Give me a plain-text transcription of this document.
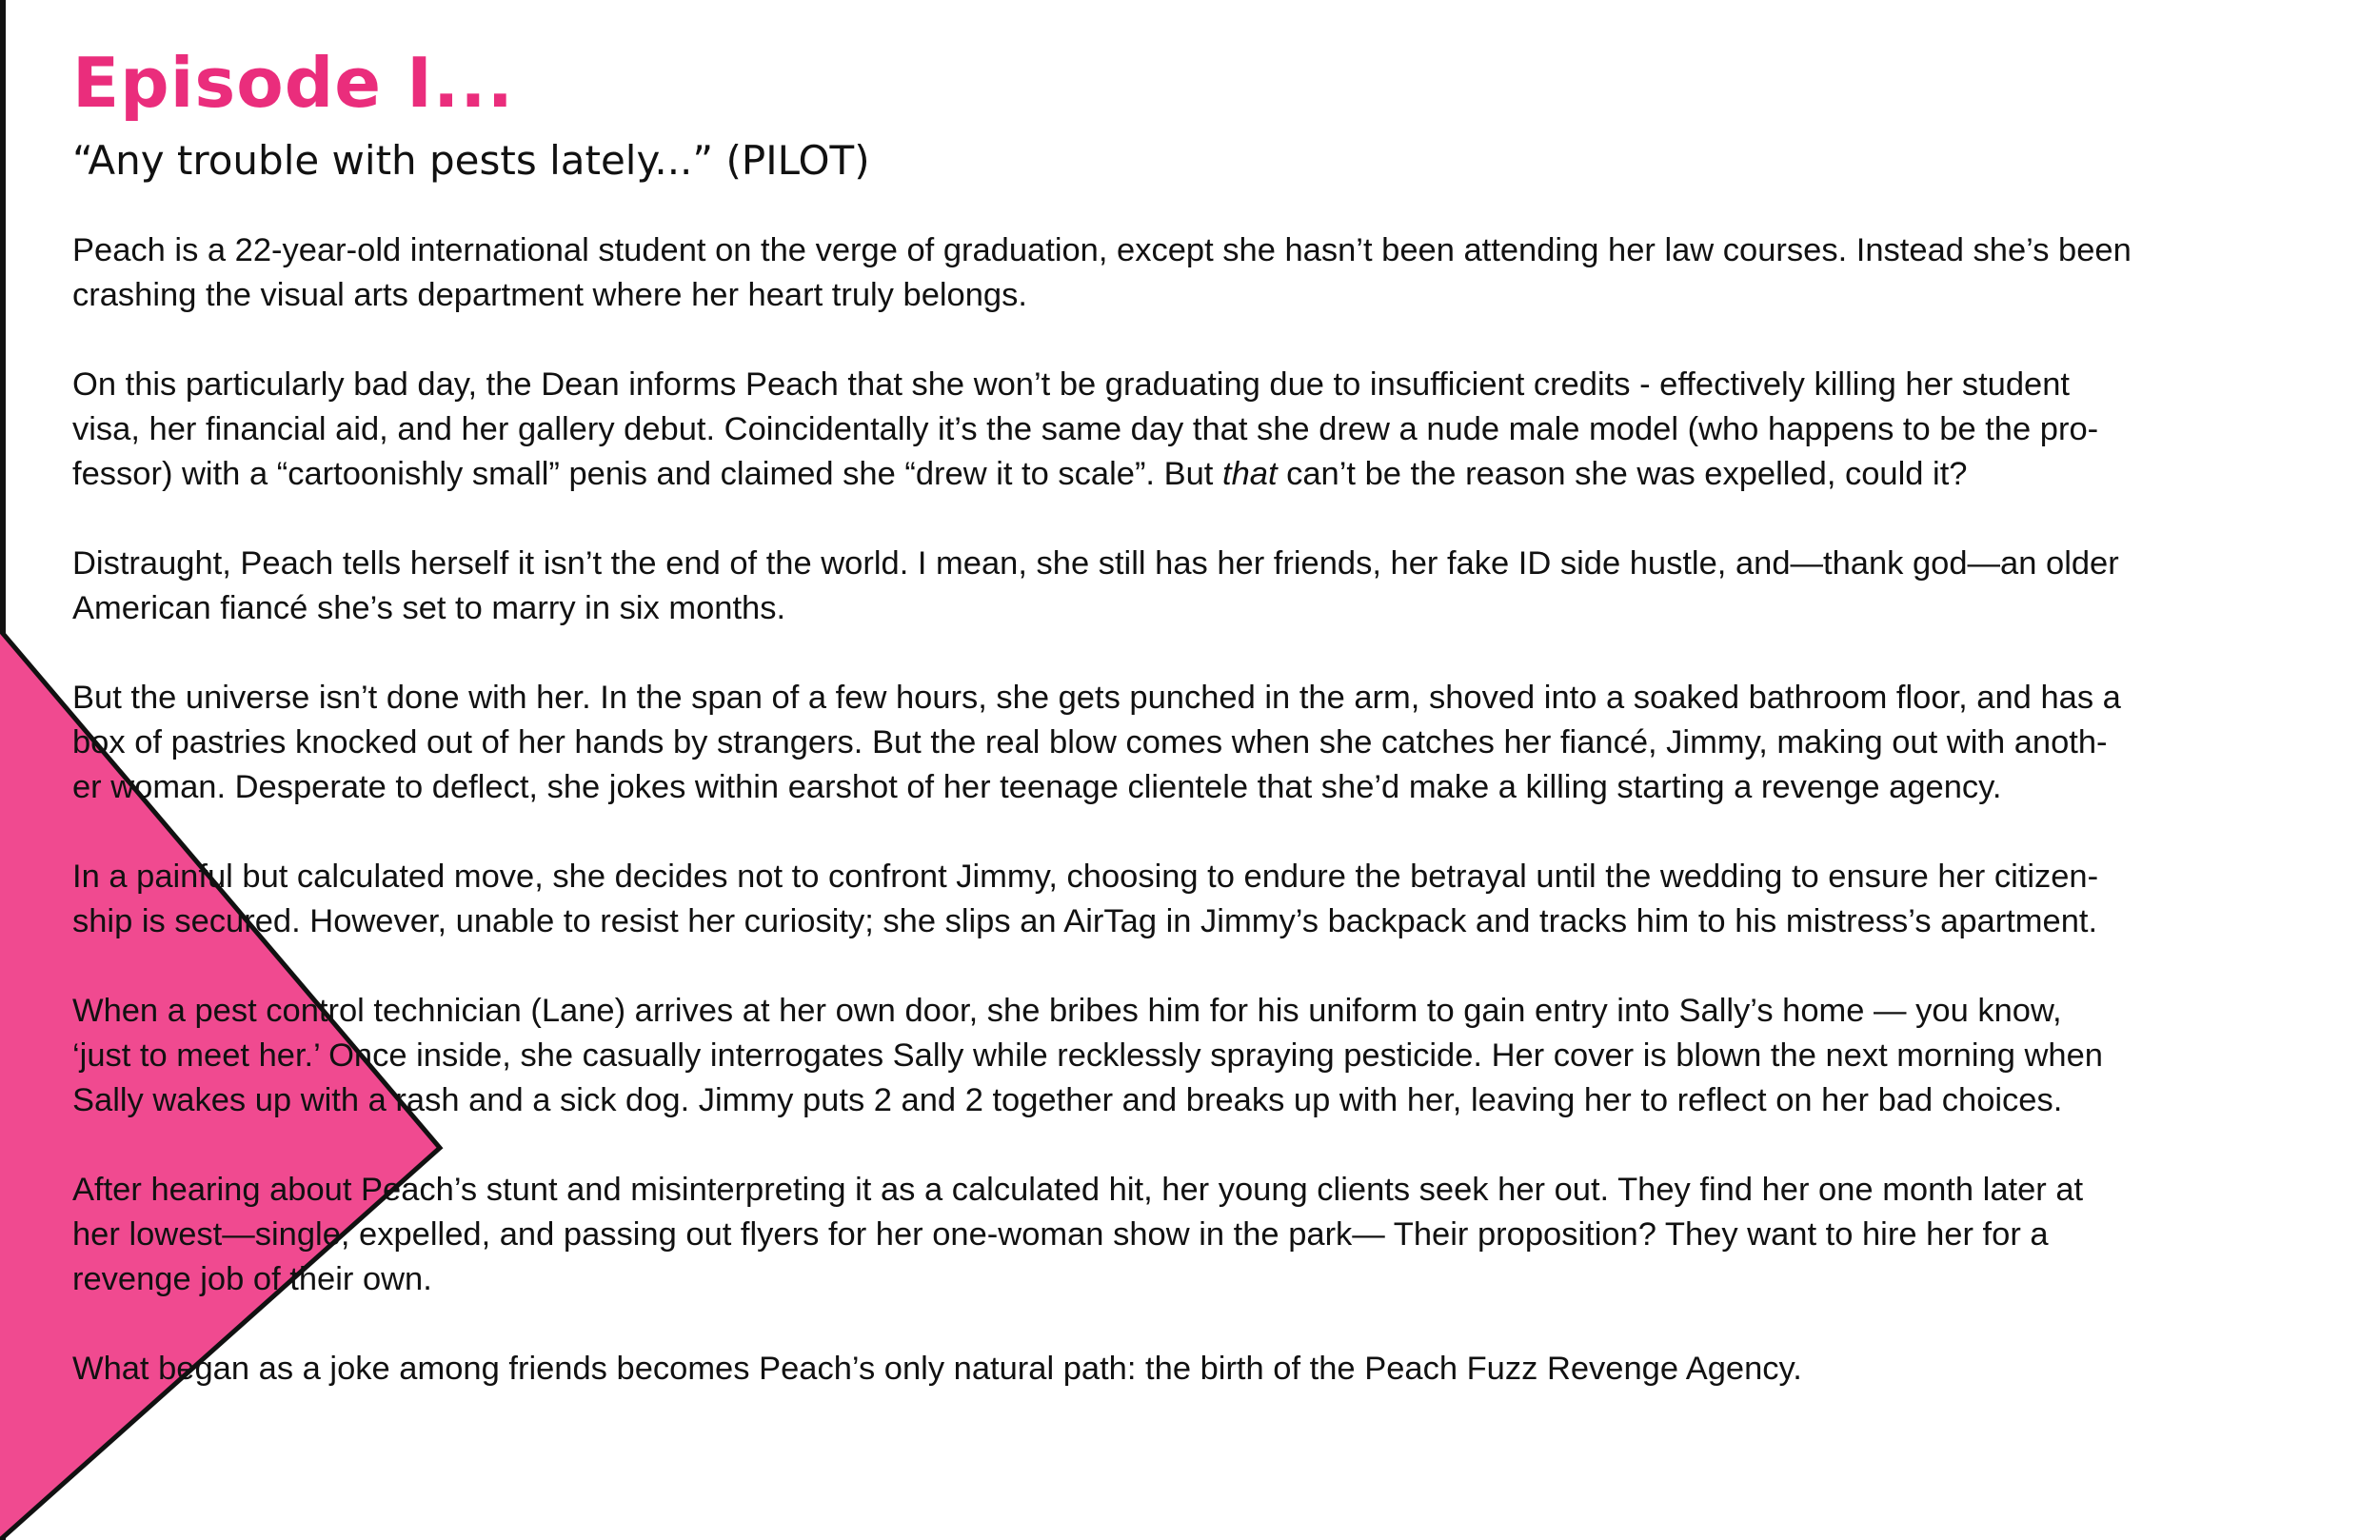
Episode I...
“Any trouble with pests lately...” (PILOT)

Peach is a 22-year-old international student on the verge of graduation, except she hasn’t been attending her law courses. Instead she’s been
crashing the visual arts department where her heart truly belongs.

On this particularly bad day, the Dean informs Peach that she won’t be graduating due to insufficient credits - effectively killing her student
visa, her financial aid, and her gallery debut. Coincidentally it’s the same day that she drew a nude male model (who happens to be the pro-
fessor) with a “cartoonishly small” penis and claimed she “drew it to scale”. But that can’t be the reason she was expelled, could it?

Distraught, Peach tells herself it isn’t the end of the world. I mean, she still has her friends, her fake ID side hustle, and—thank god—an older
American fiancé she’s set to marry in six months.

But the universe isn’t done with her. In the span of a few hours, she gets punched in the arm, shoved into a soaked bathroom floor, and has a
box of pastries knocked out of her hands by strangers. But the real blow comes when she catches her fiancé, Jimmy, making out with anoth-
er woman. Desperate to deflect, she jokes within earshot of her teenage clientele that she’d make a killing starting a revenge agency.

In a painful but calculated move, she decides not to confront Jimmy, choosing to endure the betrayal until the wedding to ensure her citizen-
ship is secured. However, unable to resist her curiosity; she slips an AirTag in Jimmy’s backpack and tracks him to his mistress’s apartment.

When a pest control technician (Lane) arrives at her own door, she bribes him for his uniform to gain entry into Sally’s home — you know,
‘just to meet her.’ Once inside, she casually interrogates Sally while recklessly spraying pesticide. Her cover is blown the next morning when
Sally wakes up with a rash and a sick dog. Jimmy puts 2 and 2 together and breaks up with her, leaving her to reflect on her bad choices.

After hearing about Peach’s stunt and misinterpreting it as a calculated hit, her young clients seek her out. They find her one month later at
her lowest—single, expelled, and passing out flyers for her one-woman show in the park— Their proposition? They want to hire her for a
revenge job of their own.

What began as a joke among friends becomes Peach’s only natural path: the birth of the Peach Fuzz Revenge Agency.
